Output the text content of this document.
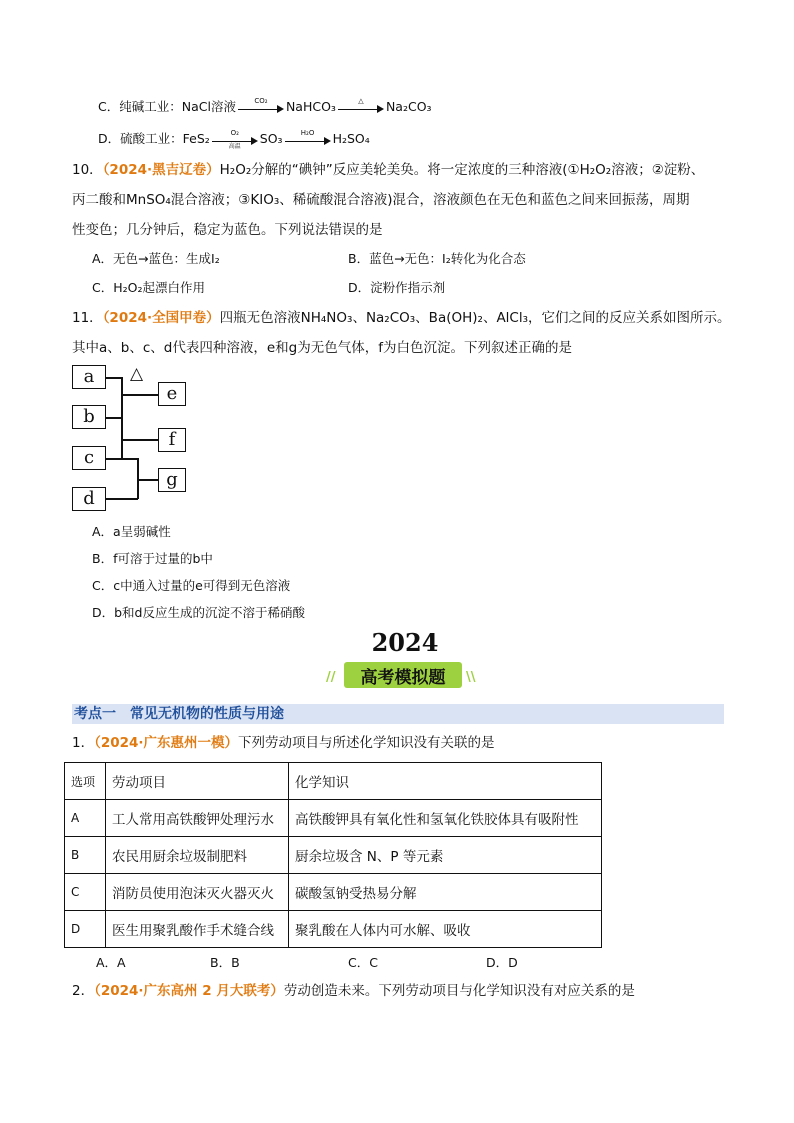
C．纯碱工业：NaCl溶液	CO₂	NaHCO₃	△	Na₂CO₃
D．硫酸工业：FeS₂	O₂
高温	SO₃	H₂O	H₂SO₄
10．（2024·黑吉辽卷）H₂O₂分解的“碘钟”反应美轮美奂。将一定浓度的三种溶液(①H₂O₂溶液；②淀粉、
丙二酸和MnSO₄混合溶液；③KIO₃、稀硫酸混合溶液)混合，溶液颜色在无色和蓝色之间来回振荡，周期
性变色；几分钟后，稳定为蓝色。下列说法错误的是
A．无色→蓝色：生成I₂	B．蓝色→无色：I₂转化为化合态
C．H₂O₂起漂白作用	D．淀粉作指示剂
11．（2024·全国甲卷）四瓶无色溶液NH₄NO₃、Na₂CO₃、Ba(OH)₂、AlCl₃，它们之间的反应关系如图所示。
其中a、b、c、d代表四种溶液，e和g为无色气体，f为白色沉淀。下列叙述正确的是
a
b
c
d
e
f
g
△
A．a呈弱碱性
B．f可溶于过量的b中
C．c中通入过量的e可得到无色溶液
D．b和d反应生成的沉淀不溶于稀硝酸
2024
高考模拟题
//	\\
考点一　常见无机物的性质与用途
1．（2024·广东惠州一模）下列劳动项目与所述化学知识没有关联的是
选项	劳动项目	化学知识
A	工人常用高铁酸钾处理污水	高铁酸钾具有氧化性和氢氧化铁胶体具有吸附性
B	农民用厨余垃圾制肥料	厨余垃圾含 N、P 等元素
C	消防员使用泡沫灭火器灭火	碳酸氢钠受热易分解
D	医生用聚乳酸作手术缝合线	聚乳酸在人体内可水解、吸收
A．A	B．B	C．C	D．D
2．（2024·广东高州 2 月大联考）劳动创造未来。下列劳动项目与化学知识没有对应关系的是
